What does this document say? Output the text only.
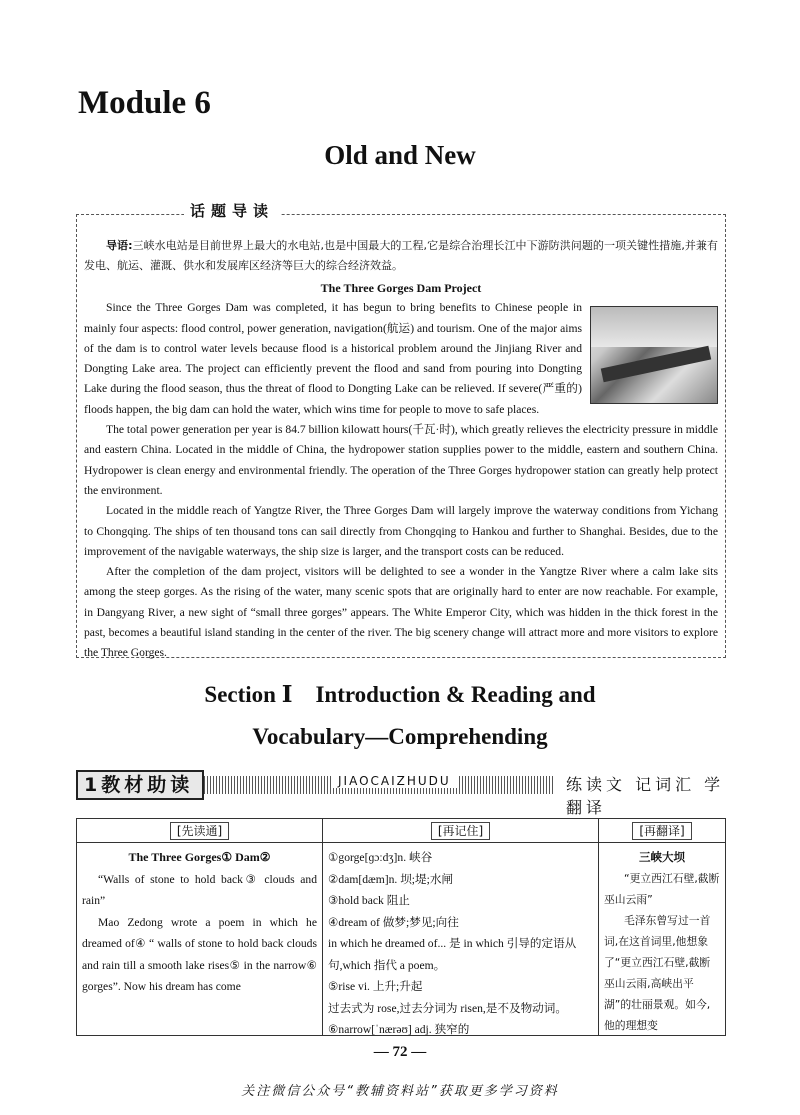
Module 6
Old and New
话题导读
导语:三峡水电站是目前世界上最大的水电站,也是中国最大的工程,它是综合治理长江中下游防洪问题的一项关键性措施,并兼有发电、航运、灌溉、供水和发展库区经济等巨大的综合经济效益。
The Three Gorges Dam Project

Since the Three Gorges Dam was completed, it has begun to bring benefits to Chinese people in mainly four aspects: flood control, power generation, navigation(航运) and tourism. One of the major aims of the dam is to control water levels because flood is a historical problem around the Jinjiang River and Dongting Lake area. The project can efficiently prevent the flood and sand from pouring into Dongting Lake during the flood season, thus the threat of flood to Dongting Lake can be relieved. If severe(严重的) floods happen, the big dam can hold the water, which wins time for people to move to safe places.

The total power generation per year is 84.7 billion kilowatt hours(千瓦·时), which greatly relieves the electricity pressure in middle and eastern China. Located in the middle of China, the hydropower station supplies power to the middle, eastern and southern China. Hydropower is clean energy and environmental friendly. The operation of the Three Gorges hydropower station can greatly help protect the environment.

Located in the middle reach of Yangtze River, the Three Gorges Dam will largely improve the waterway conditions from Yichang to Chongqing. The ships of ten thousand tons can sail directly from Chongqing to Hankou and further to Shanghai. Besides, due to the improvement of the navigable waterways, the ship size is larger, and the transport costs can be reduced.

After the completion of the dam project, visitors will be delighted to see a wonder in the Yangtze River where a calm lake sits among the steep gorges. As the rising of the water, many scenic spots that are originally hard to enter are now reachable. For example, in Dangyang River, a new sight of “small three gorges” appears. The White Emperor City, which was hidden in the thick forest in the past, becomes a beautiful island standing in the center of the river. The big scenery change will attract more and more visitors to explore the Three Gorges.

Section Ⅰ　Introduction & Reading and
Vocabulary—Comprehending
1教材助读	JIAOCAIZHUDU	练读文 记词汇 学翻译
[先读通]
The Three Gorges① Dam②

“Walls of stone to hold back③ clouds and rain”

Mao Zedong wrote a poem in which he dreamed of④ “ walls of stone to hold back clouds and rain till a smooth lake rises⑤ in the narrow⑥ gorges”. Now his dream has come

[再记住]
①gorge[ɡɔːdʒ]n. 峡谷
②dam[dæm]n. 坝;堤;水闸
③hold back 阻止
④dream of 做梦;梦见;向往
in which he dreamed of... 是 in which 引导的定语从
句,which 指代 a poem。
⑤rise vi. 上升;升起
过去式为 rose,过去分词为 risen,是不及物动词。
⑥narrow[ˈnærəʊ] adj. 狭窄的
[再翻译]
三峡大坝

“更立西江石壁,截断巫山云雨”

毛泽东曾写过一首词,在这首词里,他想象了“更立西江石壁,截断巫山云雨,高峡出平湖”的壮丽景观。如今,他的理想变

— 72 —
关注微信公众号“教辅资料站”获取更多学习资料
